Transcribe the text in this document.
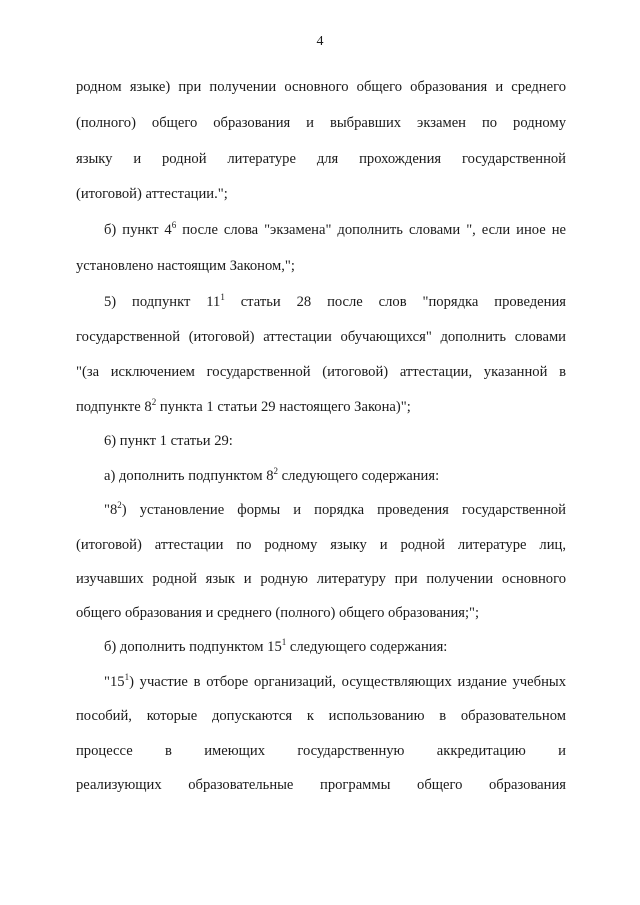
4
родном языке) при получении основного общего образования и среднего
(полного) общего образования и выбравших экзамен по родному
языку и родной литературе для прохождения государственной
(итоговой) аттестации.";
б) пункт $4^6$ после слова "экзамена" дополнить словами ", если иное не
установлено настоящим Законом,";
5) подпункт $11^1$ статьи 28 после слов "порядка проведения
государственной (итоговой) аттестации обучающихся" дополнить словами
"(за исключением государственной (итоговой) аттестации, указанной в
подпункте $8^2$ пункта 1 статьи 29 настоящего Закона)";
6) пункт 1 статьи 29:
а) дополнить подпунктом $8^2$ следующего содержания:
"$8^2$) установление формы и порядка проведения государственной
(итоговой) аттестации по родному языку и родной литературе лиц,
изучавших родной язык и родную литературу при получении основного
общего образования и среднего (полного) общего образования;";
б) дополнить подпунктом $15^1$ следующего содержания:
"$15^1$) участие в отборе организаций, осуществляющих издание учебных
пособий, которые допускаются к использованию в образовательном
процессе в имеющих государственную аккредитацию и
реализующих образовательные программы общего образования
